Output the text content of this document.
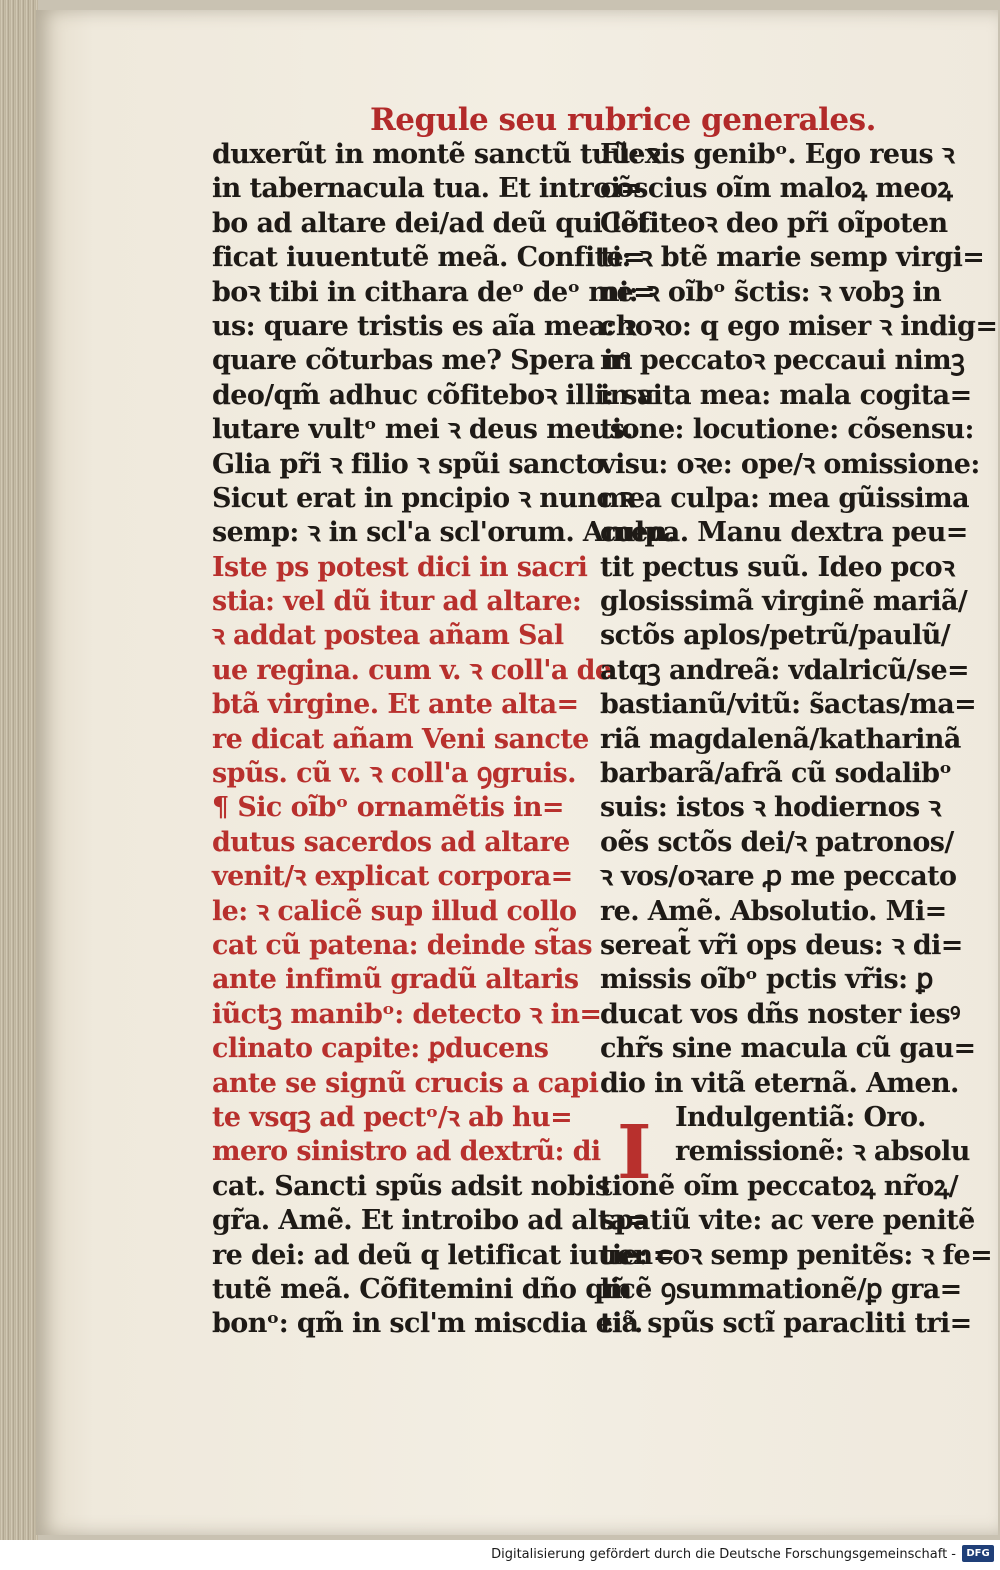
Regule seu rubrice generales.
duxerũt in montẽ sanctũ tuũ: ꝛ
in tabernacula tua. Et introi=
bo ad altare dei/ad deũ qui leti
ficat iuuentutẽ meã. Confite=
boꝛ tibi in cithara deᵒ deᵒ me=
us: quare tristis es aĩa mea: ꝛ
quare cõturbas me? Spera in
deo/qm̃ adhuc cõfiteboꝛ illi: sa
lutare vultᵒ mei ꝛ deus meus.
Glia pr̃i ꝛ filio ꝛ spũi sancto.
Sicut erat in pncipio ꝛ nunc ꝛ
semp: ꝛ in scl'a scl'orum. Amen.
Iste ps potest dici in sacri
stia: vel dũ itur ad altare:
ꝛ addat postea añam Sal
ue regina. cum v. ꝛ coll'a de
btã virgine. Et ante alta=
re dicat añam Veni sancte
spũs. cũ v. ꝛ coll'a ꝯgruis.
¶ Sic oĩbᵒ ornamẽtis in=
dutus sacerdos ad altare
venit/ꝛ explicat corpora=
le: ꝛ calicẽ sup illud collo
cat cũ patena: deinde st̃as
ante infimũ gradũ altaris
iũctꝫ manibᵒ: detecto ꝛ in=
clinato capite: ꝑducens
ante se signũ crucis a capi
te vsqꝫ ad pectᵒ/ꝛ ab hu=
mero sinistro ad dextrũ: di
cat. Sancti spũs adsit nobis
gr̃a. Amẽ. Et introibo ad alta=
re dei: ad deũ q letificat iuuen=
tutẽ meã. Cõfitemini dño qm̃
bonᵒ: qm̃ in scl'm miscdia eiᵒ.
Flexis genibᵒ. Ego reus ꝛ
cõscius oĩm maloꝝ meoꝝ
Cõfiteoꝛ deo pr̃i oĩpoten
ti: ꝛ btẽ marie semp virgi=
ni: ꝛ oĩbᵒ s̃ctis: ꝛ vobꝫ in
choꝛo: q ego miser ꝛ indig=
nᵒ peccatoꝛ peccaui nimꝫ
in vita mea: mala cogita=
tione: locutione: cõsensu:
visu: oꝛe: ope/ꝛ omissione:
mea culpa: mea gũissima
culpa. Manu dextra peu=
tit pectus suũ. Ideo pcoꝛ
glosissimã virginẽ mariã/
sctõs aplos/petrũ/paulũ/
atqꝫ andreã: vdalricũ/se=
bastianũ/vitũ: s̃actas/ma=
riã magdalenã/katharinã
barbarã/afrã cũ sodalibᵒ
suis: istos ꝛ hodiernos ꝛ
oẽs sctõs dei/ꝛ patronos/
ꝛ vos/oꝛare ꝓ me peccato
re. Amẽ. Absolutio. Mi=
sereat̃ vr̃i ops deus: ꝛ di=
missis oĩbᵒ pctis vr̃is: ꝑ
ducat vos dñs noster iesꝰ
chr̃s sine macula cũ gau=
dio in vitã eternã. Amen.
Indulgentiã: Oro.
remissionẽ: ꝛ absolu
tionẽ oĩm peccatoꝝ nr̃oꝝ/
spatiũ vite: ac vere penitẽ
tie: coꝛ semp penitẽs: ꝛ fe=
licẽ ꝯsummationẽ/ꝑ gra=
tiã spũs sctĩ paracliti tri=
I
Digitalisierung gefördert durch die Deutsche Forschungsgemeinschaft -	DFG
